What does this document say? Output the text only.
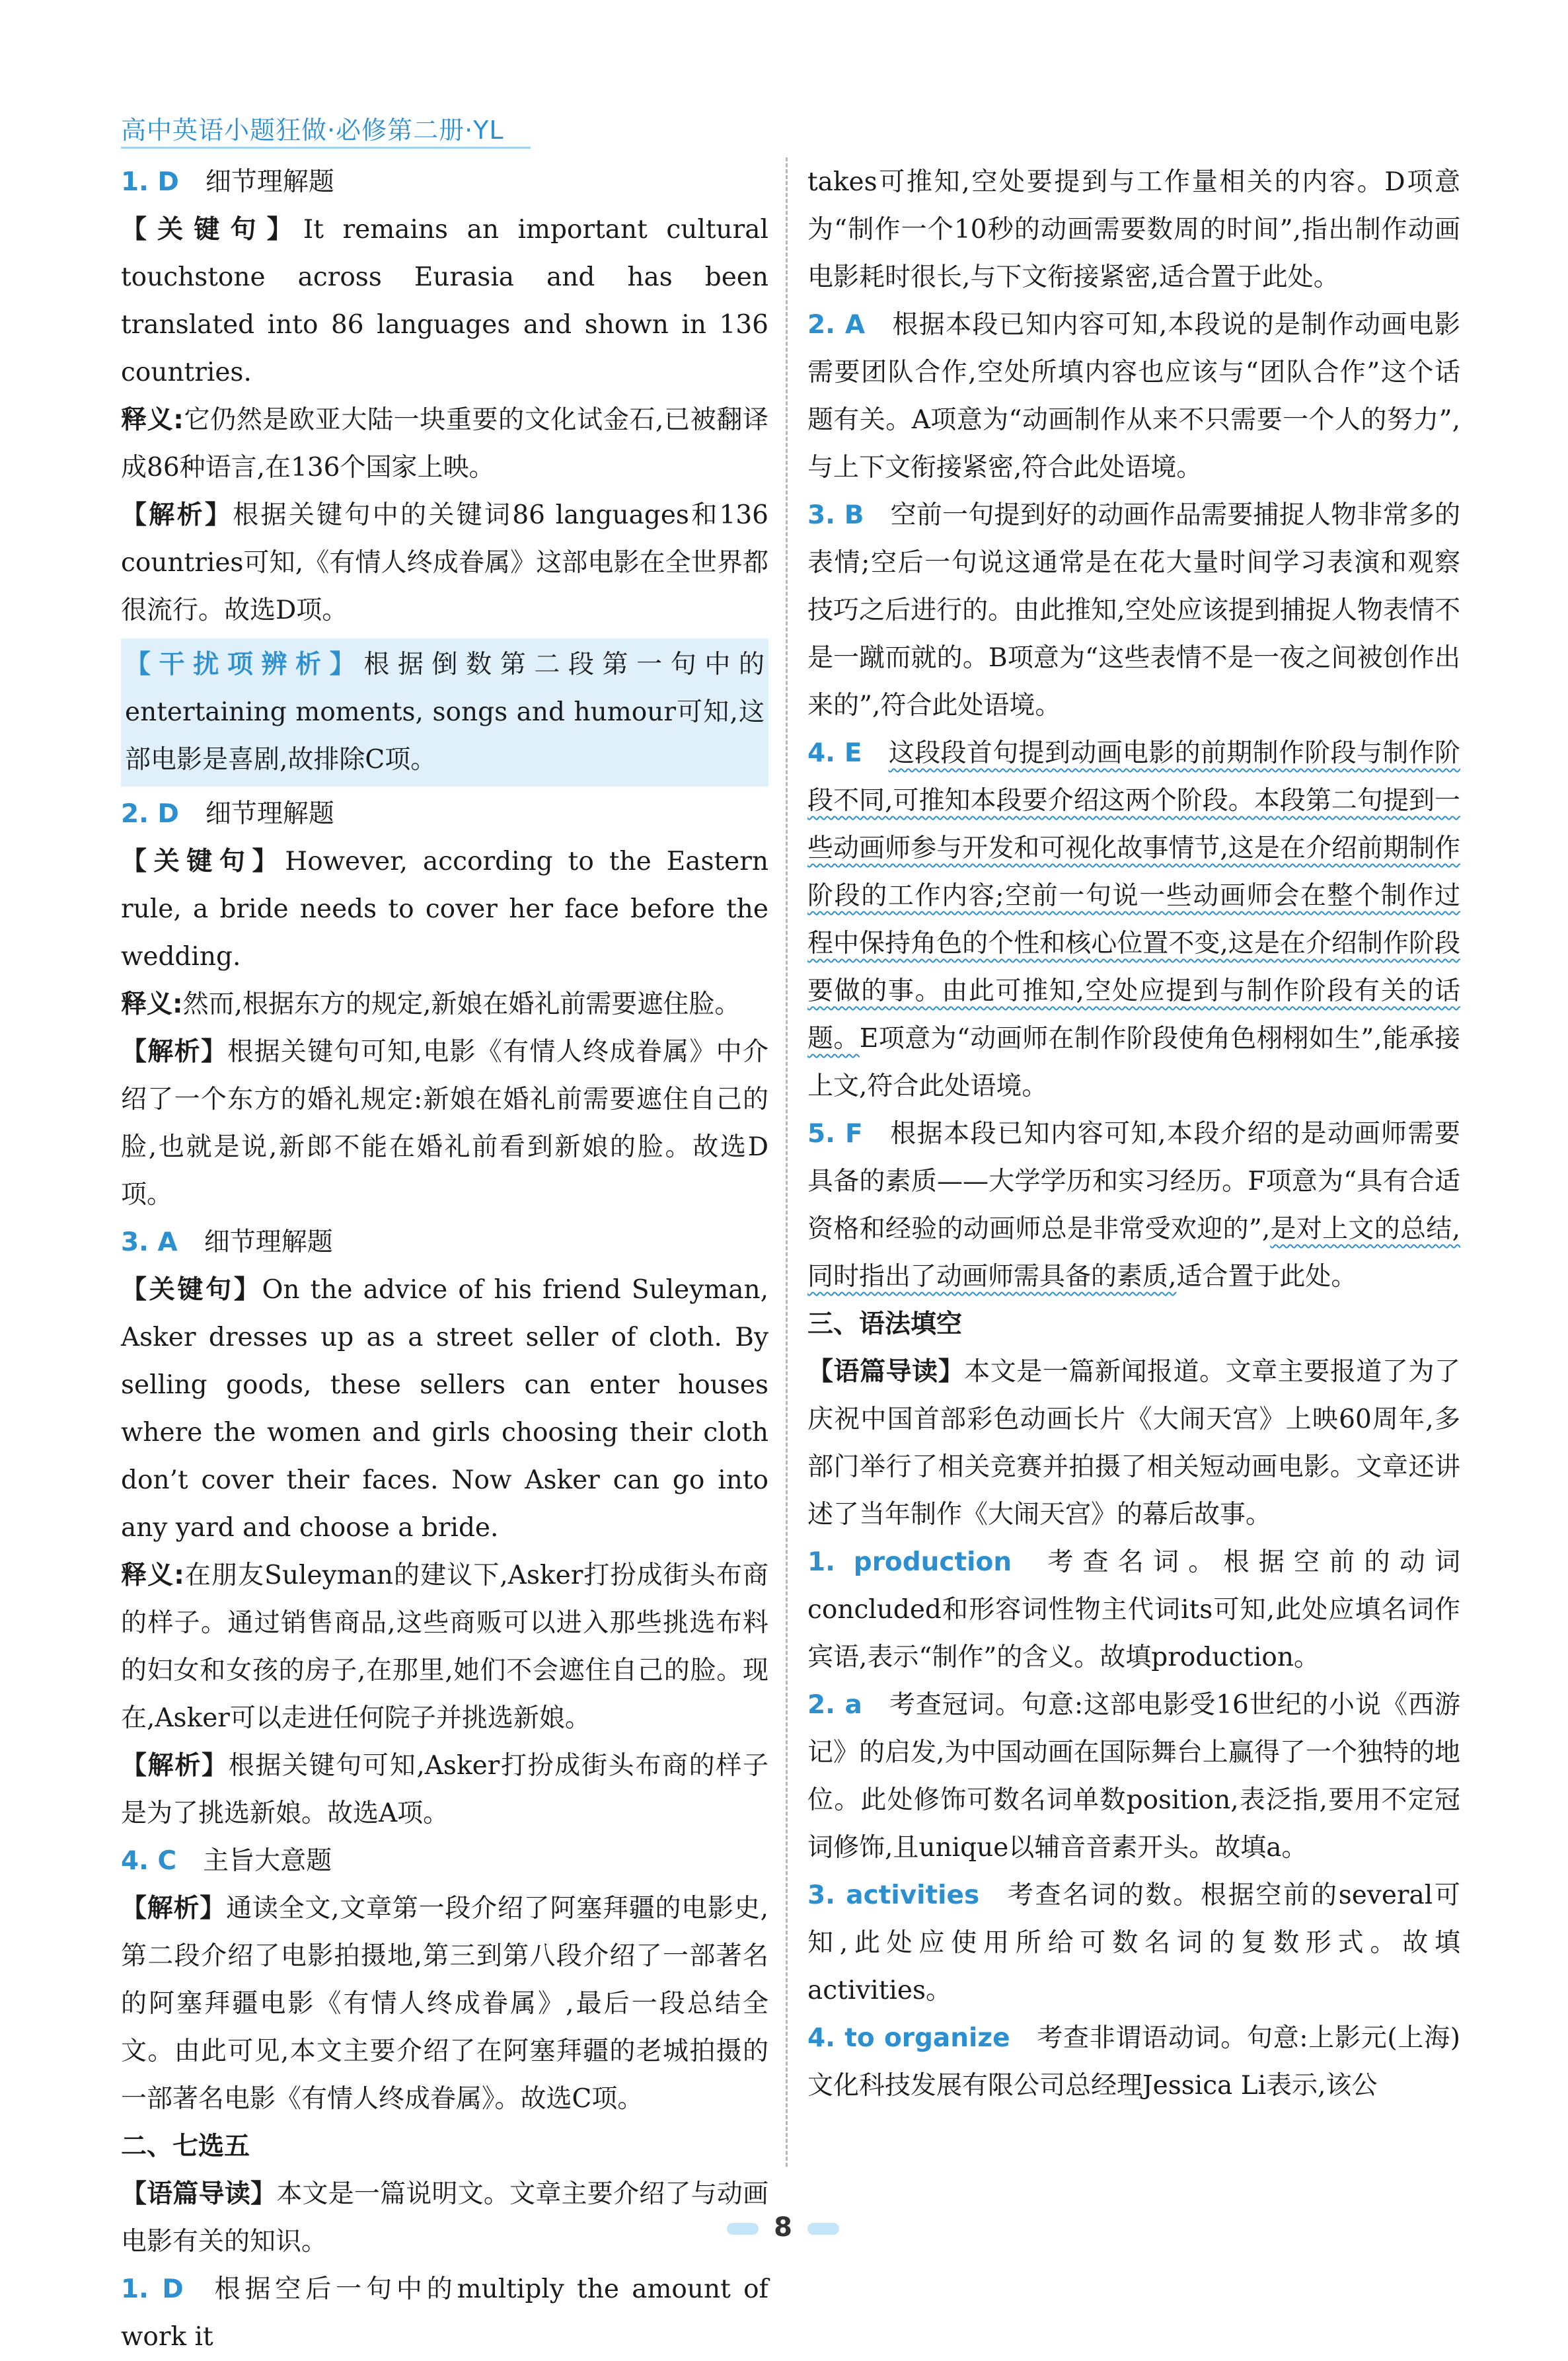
高中英语小题狂做·必修第二册·YL

1. D 细节理解题

【关键句】It remains an important cultural touchstone across Eurasia and has been translated into 86 languages and shown in 136 countries.

释义:它仍然是欧亚大陆一块重要的文化试金石,已被翻译成86种语言,在136个国家上映。

【解析】根据关键句中的关键词86 languages和136 countries可知,《有情人终成眷属》这部电影在全世界都很流行。故选D项。

【干扰项辨析】根据倒数第二段第一句中的entertaining moments, songs and humour可知,这部电影是喜剧,故排除C项。

2. D 细节理解题

【关键句】However, according to the Eastern rule, a bride needs to cover her face before the wedding.

释义:然而,根据东方的规定,新娘在婚礼前需要遮住脸。

【解析】根据关键句可知,电影《有情人终成眷属》中介绍了一个东方的婚礼规定:新娘在婚礼前需要遮住自己的脸,也就是说,新郎不能在婚礼前看到新娘的脸。故选D项。

3. A 细节理解题

【关键句】On the advice of his friend Suleyman, Asker dresses up as a street seller of cloth. By selling goods, these sellers can enter houses where the women and girls choosing their cloth don’t cover their faces. Now Asker can go into any yard and choose a bride.

释义:在朋友Suleyman的建议下,Asker打扮成街头布商的样子。通过销售商品,这些商贩可以进入那些挑选布料的妇女和女孩的房子,在那里,她们不会遮住自己的脸。现在,Asker可以走进任何院子并挑选新娘。

【解析】根据关键句可知,Asker打扮成街头布商的样子是为了挑选新娘。故选A项。

4. C 主旨大意题

【解析】通读全文,文章第一段介绍了阿塞拜疆的电影史,第二段介绍了电影拍摄地,第三到第八段介绍了一部著名的阿塞拜疆电影《有情人终成眷属》,最后一段总结全文。由此可见,本文主要介绍了在阿塞拜疆的老城拍摄的一部著名电影《有情人终成眷属》。故选C项。

二、七选五

【语篇导读】本文是一篇说明文。文章主要介绍了与动画电影有关的知识。

1. D 根据空后一句中的multiply the amount of work it

takes可推知,空处要提到与工作量相关的内容。D项意为“制作一个10秒的动画需要数周的时间”,指出制作动画电影耗时很长,与下文衔接紧密,适合置于此处。

2. A 根据本段已知内容可知,本段说的是制作动画电影需要团队合作,空处所填内容也应该与“团队合作”这个话题有关。A项意为“动画制作从来不只需要一个人的努力”,与上下文衔接紧密,符合此处语境。

3. B 空前一句提到好的动画作品需要捕捉人物非常多的表情;空后一句说这通常是在花大量时间学习表演和观察技巧之后进行的。由此推知,空处应该提到捕捉人物表情不是一蹴而就的。B项意为“这些表情不是一夜之间被创作出来的”,符合此处语境。

4. E 这段段首句提到动画电影的前期制作阶段与制作阶段不同,可推知本段要介绍这两个阶段。本段第二句提到一些动画师参与开发和可视化故事情节,这是在介绍前期制作阶段的工作内容;空前一句说一些动画师会在整个制作过程中保持角色的个性和核心位置不变,这是在介绍制作阶段要做的事。由此可推知,空处应提到与制作阶段有关的话题。E项意为“动画师在制作阶段使角色栩栩如生”,能承接上文,符合此处语境。

5. F 根据本段已知内容可知,本段介绍的是动画师需要具备的素质——大学学历和实习经历。F项意为“具有合适资格和经验的动画师总是非常受欢迎的”,是对上文的总结,同时指出了动画师需具备的素质,适合置于此处。

三、语法填空

【语篇导读】本文是一篇新闻报道。文章主要报道了为了庆祝中国首部彩色动画长片《大闹天宫》上映60周年,多部门举行了相关竞赛并拍摄了相关短动画电影。文章还讲述了当年制作《大闹天宫》的幕后故事。

1. production 考查名词。根据空前的动词concluded和形容词性物主代词its可知,此处应填名词作宾语,表示“制作”的含义。故填production。

2. a 考查冠词。句意:这部电影受16世纪的小说《西游记》的启发,为中国动画在国际舞台上赢得了一个独特的地位。此处修饰可数名词单数position,表泛指,要用不定冠词修饰,且unique以辅音音素开头。故填a。

3. activities 考查名词的数。根据空前的several可知,此处应使用所给可数名词的复数形式。故填activities。

4. to organize 考查非谓语动词。句意:上影元(上海)文化科技发展有限公司总经理Jessica Li表示,该公

8
